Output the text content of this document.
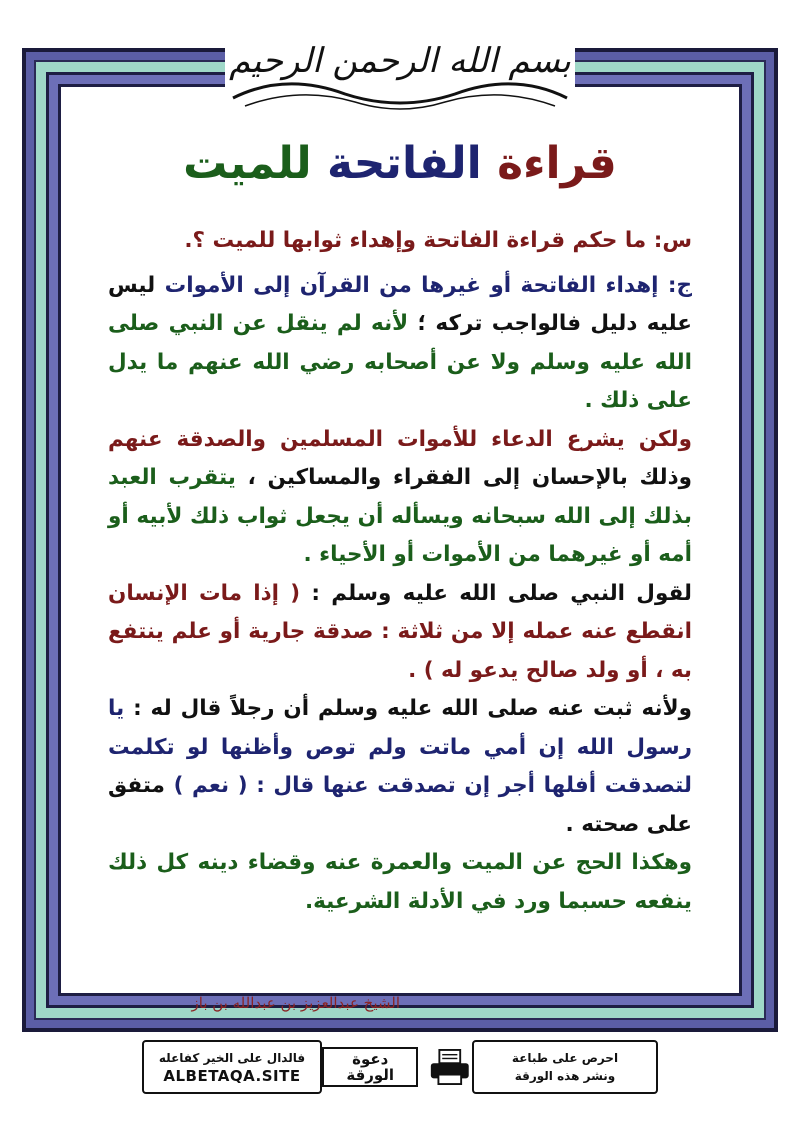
بسم الله الرحمن الرحيم
قراءة الفاتحة للميت

س: ما حكم قراءة الفاتحة وإهداء ثوابها للميت ؟.

ج: إهداء الفاتحة أو غيرها من القرآن إلى الأموات ليس عليه دليل فالواجب تركه ؛ لأنه لم ينقل عن النبي صلى الله عليه وسلم ولا عن أصحابه رضي الله عنهم ما يدل على ذلك .

ولكن يشرع الدعاء للأموات المسلمين والصدقة عنهم وذلك بالإحسان إلى الفقراء والمساكين ، يتقرب العبد بذلك إلى الله سبحانه ويسأله أن يجعل ثواب ذلك لأبيه أو أمه أو غيرهما من الأموات أو الأحياء .

لقول النبي صلى الله عليه وسلم : ( إذا مات الإنسان انقطع عنه عمله إلا من ثلاثة : صدقة جارية أو علم ينتفع به ، أو ولد صالح يدعو له ) .

ولأنه ثبت عنه صلى الله عليه وسلم أن رجلاً قال له : يا رسول الله إن أمي ماتت ولم توص وأظنها لو تكلمت لتصدقت أفلها أجر إن تصدقت عنها قال : ( نعم ) متفق على صحته .

وهكذا الحج عن الميت والعمرة عنه وقضاء دينه كل ذلك ينفعه حسبما ورد في الأدلة الشرعية.

الشيخ عبدالعزيز بن عبدالله بن باز
فالدال على الخير كفاعله
ALBETAQA.SITE
دعوة الورقة
احرص على طباعة
ونشر هذه الورقة
